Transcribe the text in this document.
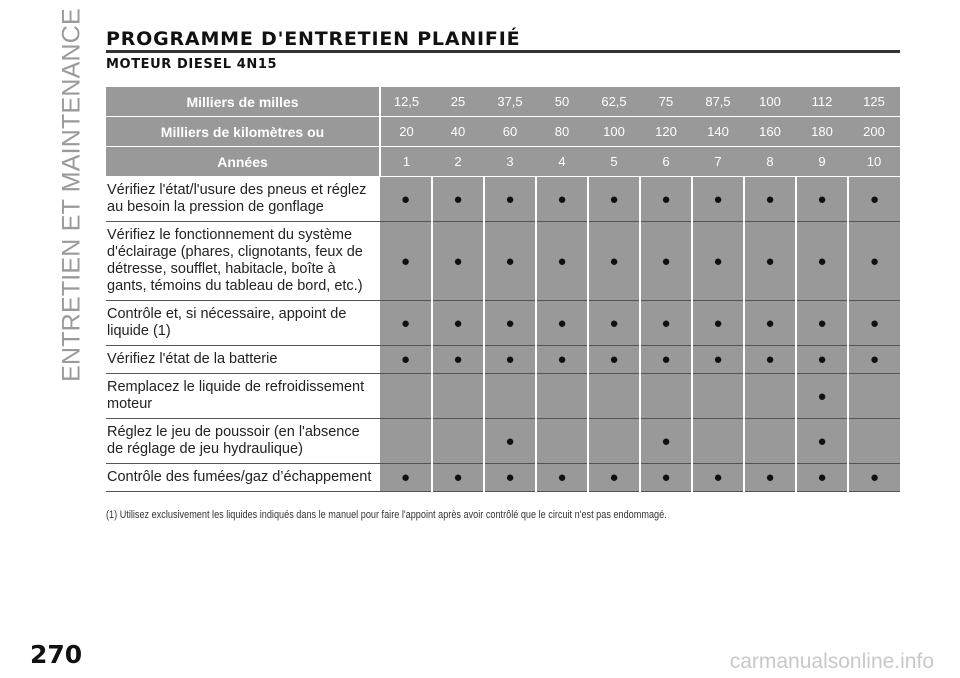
ENTRETIEN ET MAINTENANCE PROGRAMME D'ENTRETIEN PLANIFIÉ
MOTEUR DIESEL 4N15
Milliers de milles	12,5	25	37,5	50	62,5	75	87,5	100	112	125
Milliers de kilomètres ou	20	40	60	80	100	120	140	160	180	200
Années	1	2	3	4	5	6	7	8	9	10
Vérifiez l'état/l'usure des pneus et réglez au besoin la pression de gonflage	●	●	●	●	●	●	●	●	●	●
Vérifiez le fonctionnement du système d'éclairage (phares, clignotants, feux de détresse, soufflet, habitacle, boîte à gants, témoins du tableau de bord, etc.)	●	●	●	●	●	●	●	●	●	●
Contrôle et, si nécessaire, appoint de liquide (1)	●	●	●	●	●	●	●	●	●	●
Vérifiez l'état de la batterie	●	●	●	●	●	●	●	●	●	●
Remplacez le liquide de refroidissement moteur									●	
Réglez le jeu de poussoir (en l'absence de réglage de jeu hydraulique)			●			●			●	
Contrôle des fumées/gaz d’échappement	●	●	●	●	●	●	●	●	●	●
(1) Utilisez exclusivement les liquides indiqués dans le manuel pour faire l'appoint après avoir contrôlé que le circuit n'est pas endommagé.
270	carmanualsonline.info
